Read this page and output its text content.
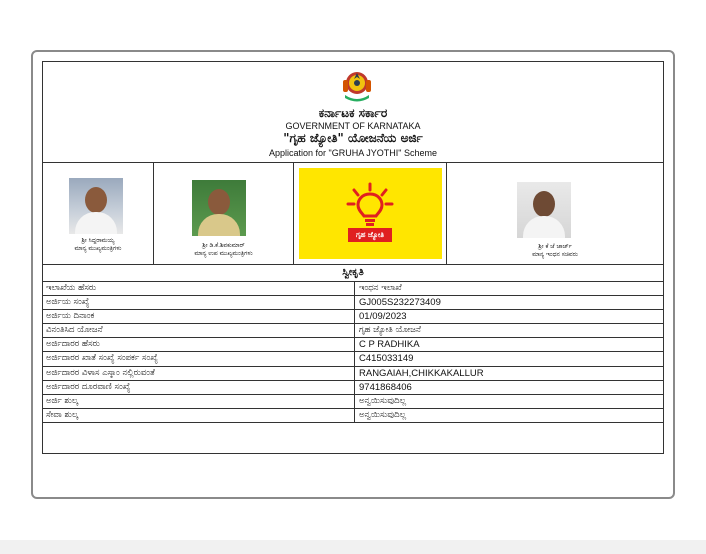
ಕರ್ನಾಟಕ ಸರ್ಕಾರ
GOVERNMENT OF KARNATAKA
"ಗೃಹ ಜ್ಯೋತಿ" ಯೋಜನೆಯ ಅರ್ಜಿ
Application for "GRUHA JYOTHI" Scheme
ಶ್ರೀ ಸಿದ್ದರಾಮಯ್ಯ
ಮಾನ್ಯ ಮುಖ್ಯಮಂತ್ರಿಗಳು	ಶ್ರೀ ಡಿ.ಕೆ.ಶಿವಕುಮಾರ್
ಮಾನ್ಯ ಉಪ ಮುಖ್ಯಮಂತ್ರಿಗಳು
ಗೃಹ ಜ್ಯೋತಿ
ಶ್ರೀ ಕೆ ಜೆ ಜಾರ್ಜ್
ಮಾನ್ಯ ಇಂಧನ ಸಚಿವರು
ಸ್ವೀಕೃತಿ
ಇಲಾಖೆಯ ಹೆಸರು	ಇಂಧನ ಇಲಾಖೆ
ಅರ್ಜಿಯ ಸಂಖ್ಯೆ	GJ005S232273409
ಅರ್ಜಿಯ ದಿನಾಂಕ	01/09/2023
ವಿನಂತಿಸಿದ ಯೋಜನೆ	ಗೃಹ ಜ್ಯೋತಿ ಯೋಜನೆ
ಅರ್ಜಿದಾರರ ಹೆಸರು	C P RADHIKA
ಅರ್ಜಿದಾರರ ಖಾತೆ ಸಂಖ್ಯೆ ಸಂಪರ್ಕ ಸಂಖ್ಯೆ	C415033149
ಅರ್ಜಿದಾರರ ವಿಳಾಸ ಎಸ್ಕಾಂ ನಲ್ಲಿರುವಂತೆ	RANGAIAH,CHIKKAKALLUR
ಅರ್ಜಿದಾರರ ದೂರವಾಣಿ ಸಂಖ್ಯೆ	9741868406
ಅರ್ಜಿ ಶುಲ್ಕ	ಅನ್ವಯಿಸುವುದಿಲ್ಲ
ಸೇವಾ ಶುಲ್ಕ	ಅನ್ವಯಿಸುವುದಿಲ್ಲ
